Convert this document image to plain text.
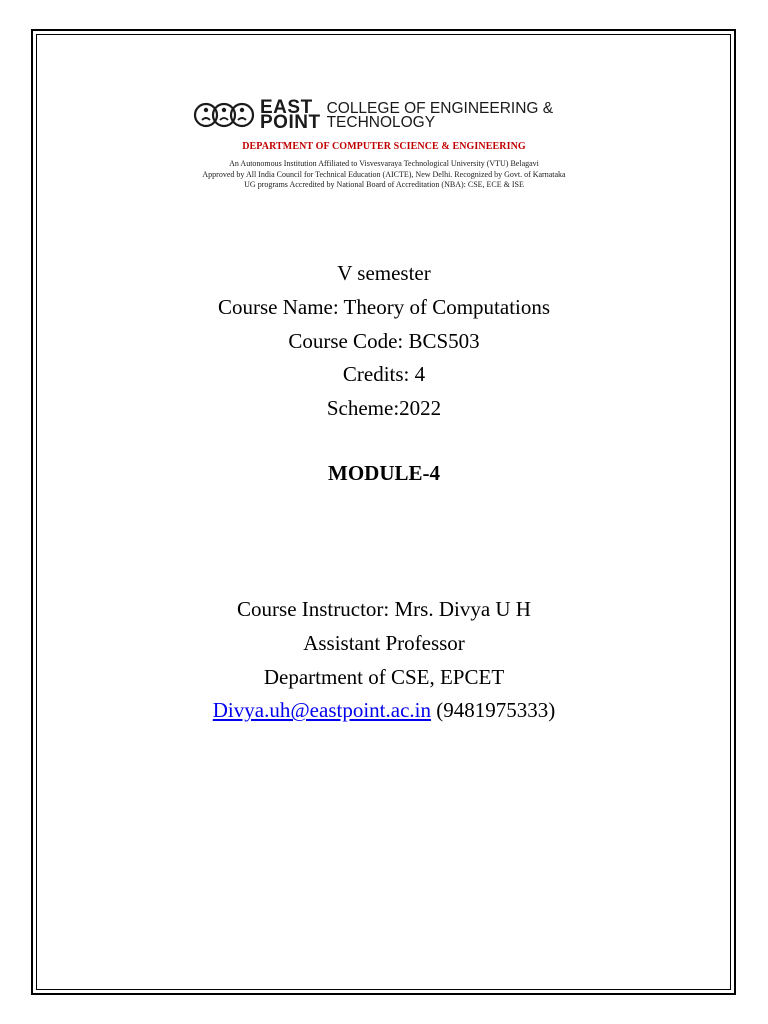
EAST
POINT
COLLEGE OF ENGINEERING &
TECHNOLOGY
DEPARTMENT OF COMPUTER SCIENCE & ENGINEERING
An Autonomous Institution Affiliated to Visvesvaraya Technological University (VTU) Belagavi
Approved by All India Council for Technical Education (AICTE), New Delhi. Recognized by Govt. of Karnataka
UG programs Accredited by National Board of Accreditation (NBA): CSE, ECE & ISE
V semester
Course Name: Theory of Computations
Course Code: BCS503
Credits: 4
Scheme:2022
MODULE-4
Course Instructor: Mrs. Divya U H
Assistant Professor
Department of CSE, EPCET
Divya.uh@eastpoint.ac.in (9481975333)
